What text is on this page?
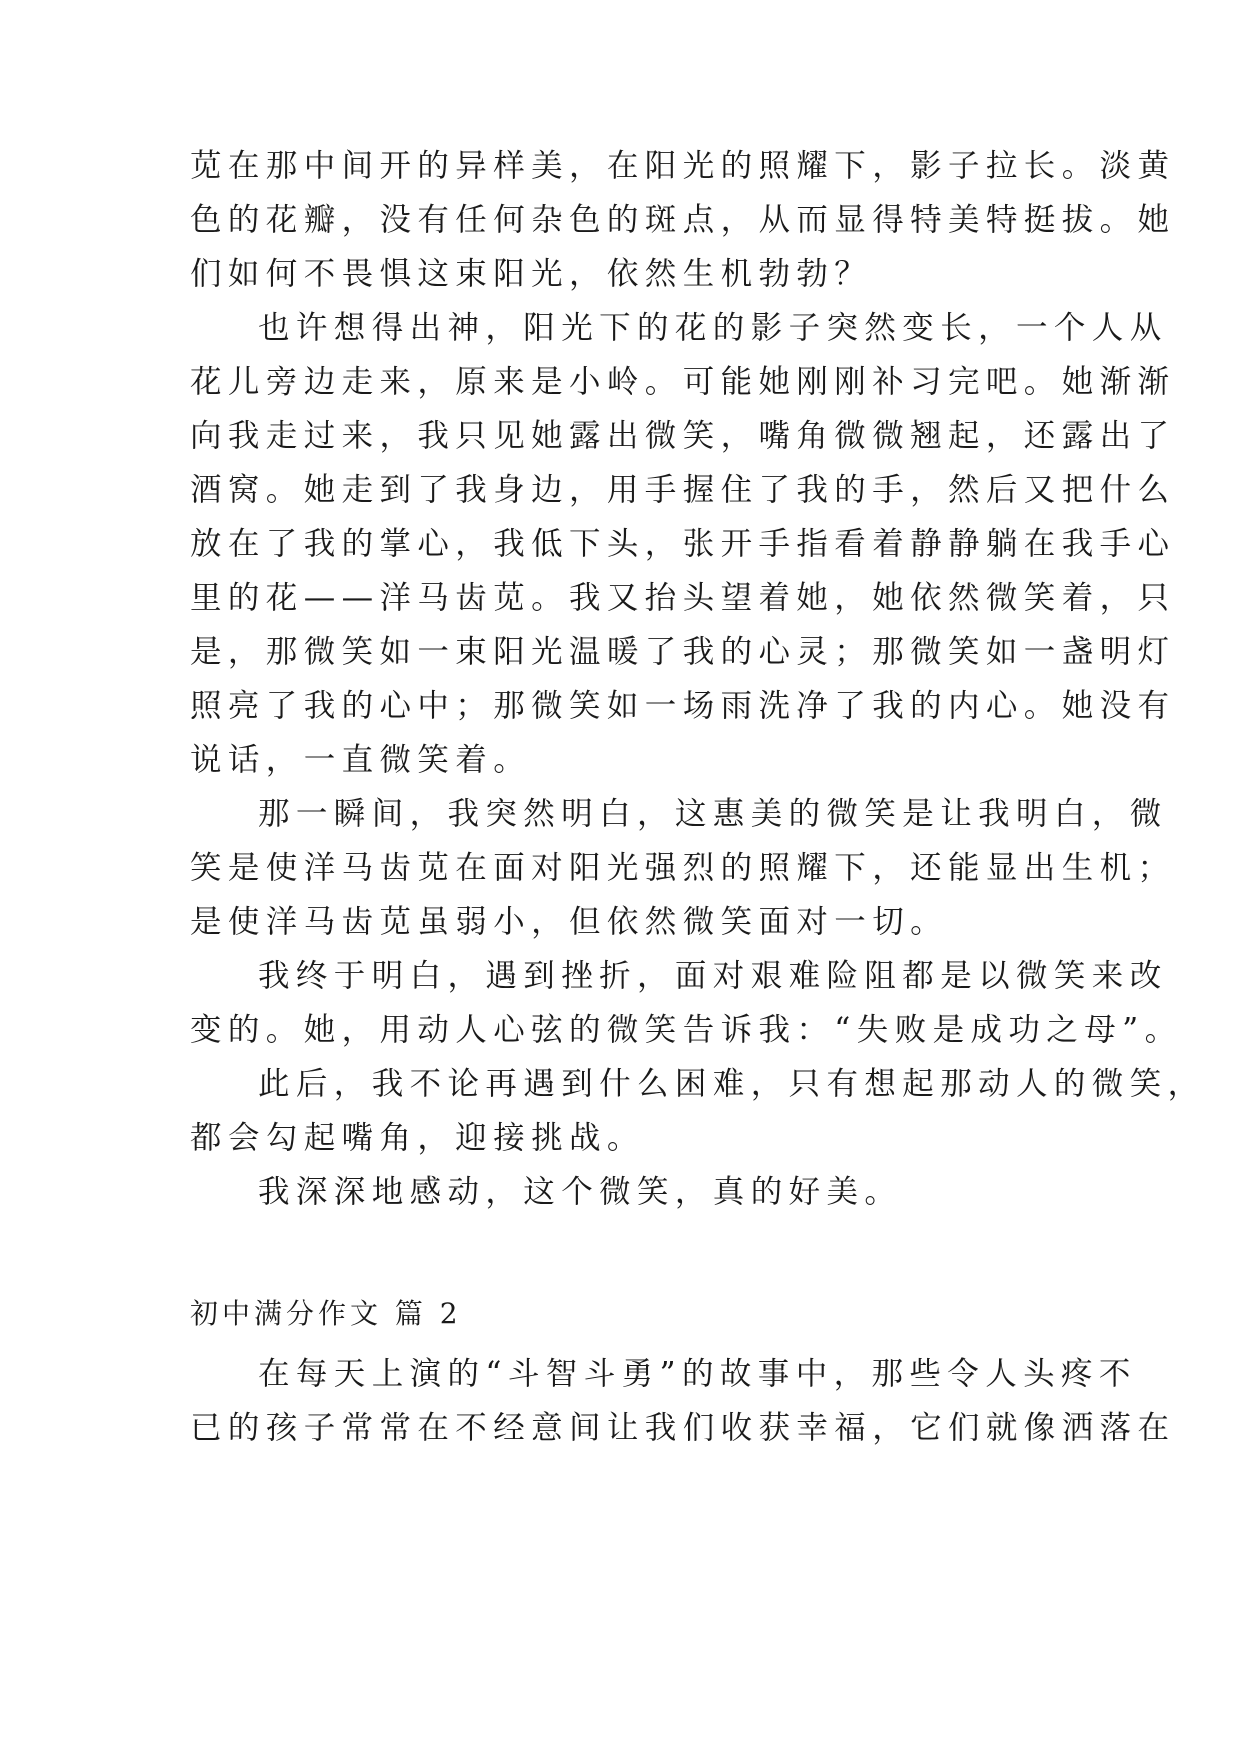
苋在那中间开的异样美，在阳光的照耀下，影子拉长。淡黄
色的花瓣，没有任何杂色的斑点，从而显得特美特挺拔。她
们如何不畏惧这束阳光，依然生机勃勃？
也许想得出神，阳光下的花的影子突然变长，一个人从
花儿旁边走来，原来是小岭。可能她刚刚补习完吧。她渐渐
向我走过来，我只见她露出微笑，嘴角微微翘起，还露出了
酒窝。她走到了我身边，用手握住了我的手，然后又把什么
放在了我的掌心，我低下头，张开手指看着静静躺在我手心
里的花——洋马齿苋。我又抬头望着她，她依然微笑着，只
是，那微笑如一束阳光温暖了我的心灵；那微笑如一盏明灯
照亮了我的心中；那微笑如一场雨洗净了我的内心。她没有
说话，一直微笑着。
那一瞬间，我突然明白，这惠美的微笑是让我明白，微
笑是使洋马齿苋在面对阳光强烈的照耀下，还能显出生机；
是使洋马齿苋虽弱小，但依然微笑面对一切。
我终于明白，遇到挫折，面对艰难险阻都是以微笑来改
变的。她，用动人心弦的微笑告诉我：“失败是成功之母”。
此后，我不论再遇到什么困难，只有想起那动人的微笑，
都会勾起嘴角，迎接挑战。
我深深地感动，这个微笑，真的好美。
初中满分作文 篇 2
在每天上演的“斗智斗勇”的故事中，那些令人头疼不
已的孩子常常在不经意间让我们收获幸福，它们就像洒落在
